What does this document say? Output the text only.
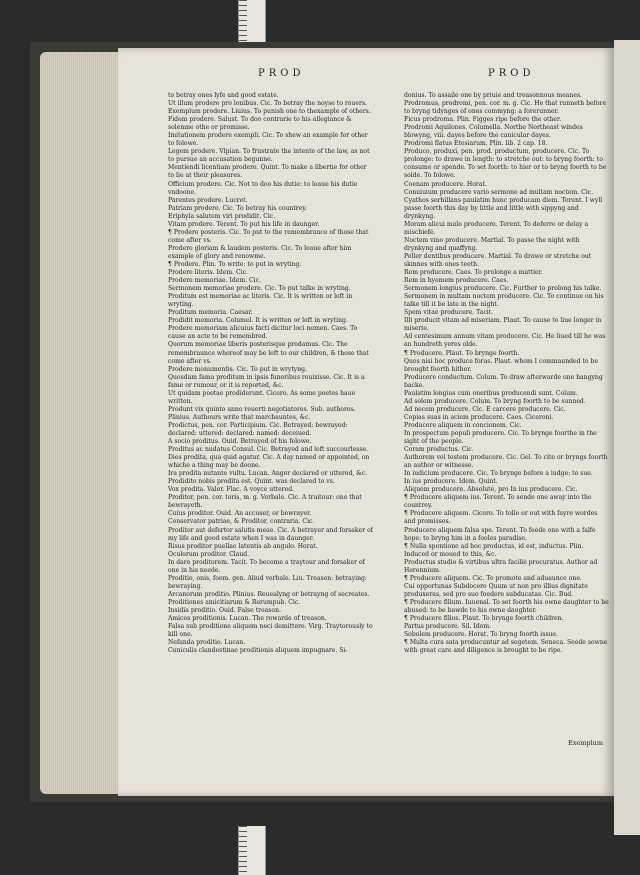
PROD	PROD
to betray ones lyfe and good estate.
Ut illum prodere pro lonibus. Cic. To betray the noyse to rouers.
Exemplum prodere. Liuius. To punish one to thexample of others.
Fidem prodere. Salust. To doo contrarie to his allegiance & solemne othe or promisse.
Imitationem prodere exempli. Cic. To shew an example for other to folowe.
Legem prodere. Vlpian. To frustrate the intente of the law, as not to pursue an accusation begunne.
Mentiendi licentiam prodere. Quint. To make a libertie for other to lie at their pleasures.
Officium prodere. Cic. Not to doo his dutie: to leaue his dutie vndoone.
Parentes prodere. Lucret.
Patriam prodere. Cic. To betray his countrey.
Eriphyla salutem viri prodidit. Cic.
Vitam prodere. Terent. To put his life in daunger.
¶ Prodere posteris. Cic. To put to the remembrance of those that come after vs.
Prodere gloriam & laudem posteris. Cic. To leaue after him example of glory and renowme.
¶ Prodere. Plin. To write: to put in wryting.
Prodere literis. Idem. Cic.
Prodere memoriae. Idem. Cic.
Sermonem memoriae prodere. Cic. To put talke in wryting.
Proditum est memoriae ac literis. Cic. It is written or left in wryting.
Proditum memoria. Caesar.
Prodidit memoria. Columel. It is written or left in wryting.
Prodere memoriam alicuius facti dicitur loci nomen. Caes. To cause an acte to be remembred.
Quorum memoriae liberis posterisque prodamus. Cic. The remembraunce whereof may be left to our children, & those that come after vs.
Prodere monumentis. Cic. To put in wrytyng.
Quosdam fama proditum in ipsis funeribus reuixisse. Cic. It is a fame or rumour, or it is reported, &c.
Ut quidam poetae prodiderunt. Cicero. As some poetes haue written.
Produnt vix quinto anno reuerti negotiatores. Sub. authores. Plinius. Authours write that marchauntes, &c.
Prodictus, pen. cor. Participium. Cic. Betrayed: bewrayed: declared: uttered: declared: named: deceiued.
A socio proditus. Ouid. Betrayed of his felowe.
Proditus ac nudatus Consul. Cic. Betrayed and left succourlesse.
Dies prodita, qua quid agatur. Cic. A day named or appointed, on whiche a thing may be doone.
Ira prodita nutante vultu. Lucan. Anger declared or uttered, &c.
Prodidito nobis prodita est. Quint. was declared to vs.
Vox prodita. Valer. Flac. A voyce uttered.
Proditor, pen. cor. toris, m. g. Verbale. Cic. A traitour: one that bewrayeth.
Cuius proditor. Ouid. An accuser, or bewrayer.
Conservator patriae, & Proditor, contraria. Cic.
Proditor aut defertor salutis meae. Cic. A betrayer and forsaker of my life and good estate when I was in daunger.
Risus proditor puellae latentis ab angulo. Horat.
Oculorum proditor. Claud.
In dare proditorem. Tacit. To become a traytour and forsaker of one in his neede.
Proditio, onis, foem. gen. Aliud verbale. Liu. Treason: betraying: bewraying.
Arcanorum proditio. Plinius. Reuealyng or betrayng of secreates.
Proditiones amicitiarum & Rerumpub. Cic.
Insidia proditio. Ouid. False treason.
Amicos proditionis. Lucan. The rewarde of treason.
Falsa sub proditione aliquem neci demittere. Virg. Traytorously to kill one.
Nefanda proditio. Lucan.
Cuniculis clandestinae proditionis aliquem impugnare. Si-
donius. To assaile one by priuie and treasonnous meanes.
Prodromus, prodromi, pen. cor. m. g. Cic. He that runneth before to bryng tidynges of ones commyng: a forerunner.
Ficus prodroma. Plin. Figges ripe before the other.
Prodromi Aquilones. Columella. Northe Northeast windes blowyng, viii. dayes before the canicular dayes.
Prodromi flatus Etesiarum. Plin. lib. 2 cap. 18.
Produco, produxi, pen. prod. productum, producere. Cic. To prolonge: to drawe in length: to stretche out: to bryng foorth: to consume or spende. To set foorth: to hier or to bryng foorth to be solde. To folowe.
Coenam producere. Horat.
Conuiuium producere vario sermone ad multam noctem. Cic.
Cyathos sorbillans paulatim hunc producam diem. Terent. I wyll passe foorth this day by little and little with sippyng and drynkyng.
Moram alicui malo producere. Terent. To deferre or delay a mischiefe.
Noctem vino producere. Martial. To passe the night with drynkyng and quaffyng.
Peller dentibus producere. Martial. To drawe or stretche out skinnes with ones teeth.
Rem producere. Caes. To prolonge a mattier.
Rem in hyemem producere. Caes.
Sermonem longius producere. Cic. Further to prolong his talke.
Sermonem in multam noctem producere. Cic. To continue on his talke till it be late in the night.
Spem vitae producere. Tacit.
Illi producit vitam ad miseriam. Plaut. To cause to liue longer in miserie.
Ad centesimum annum vitam producere. Cic. He liued till he was an hundreth yeres olde.
¶ Producere. Plaut. To brynge foorth.
Quos nisi hoc produce foras. Plaut. whom I commaunded to be brought foorth hither.
Producere conductum. Colum. To draw afterwarde one hangyng backe.
Paulatim longius cum oneribus producendi sunt. Colum.
Ad solem producere. Colum. To bryng foorth to be sunned.
Ad necem producere. Cic. E carcere producere. Cic.
Copias suas in aciem producere. Caes. Ciceroni.
Producere aliquem in concionem. Cic.
In prospectum populi producere. Cic. To brynge foorthe in the sight of the people.
Coram productus. Cic.
Authorem vel testem producere. Cic. Gel. To cite or bryngs foorth an author or witnesse.
In iudicium producere. Cic. To brynge before a iudge: to sue.
In ius producere. Idem. Quint.
Aliquem producere. Absolutè, pro In ius producere. Cic.
¶ Producere aliquem ius. Terent. To sende one away into the countrey.
¶ Producere aliquem. Cicero. To tolle or out with fayre wordes and promisses.
Producere aliquem falsa spe. Terent. To feede one with a falfe hope: to bryng him in a fooles paradise.
¶ Nulla spontione ad hoc productus, id est, inductus. Plin. Induced or moued to this, &c.
Productus studio & virtibus ultra faciliè procuratus. Author ad Herennium.
¶ Producere aliquem. Cic. To promote and aduaunce one.
Cui opportunas Subdocere Quum ut non pro illius dignitate produxeras, sed pro suo foedere subducatas. Cic. Bud.
¶ Producere filium. Iuuenal. To set foorth his owne daughter to be abused: to be bawde to his owne daughter.
¶ Producere filios. Plaut. To brynge foorth children.
Partus producere. Sil. Idem.
Sobolem producere. Horat. To bryng foorth issue.
¶ Multa cura sata producuntur ad segetem. Seneca. Seede sowne with great care and diligence is brought to be ripe.
Exemplum
